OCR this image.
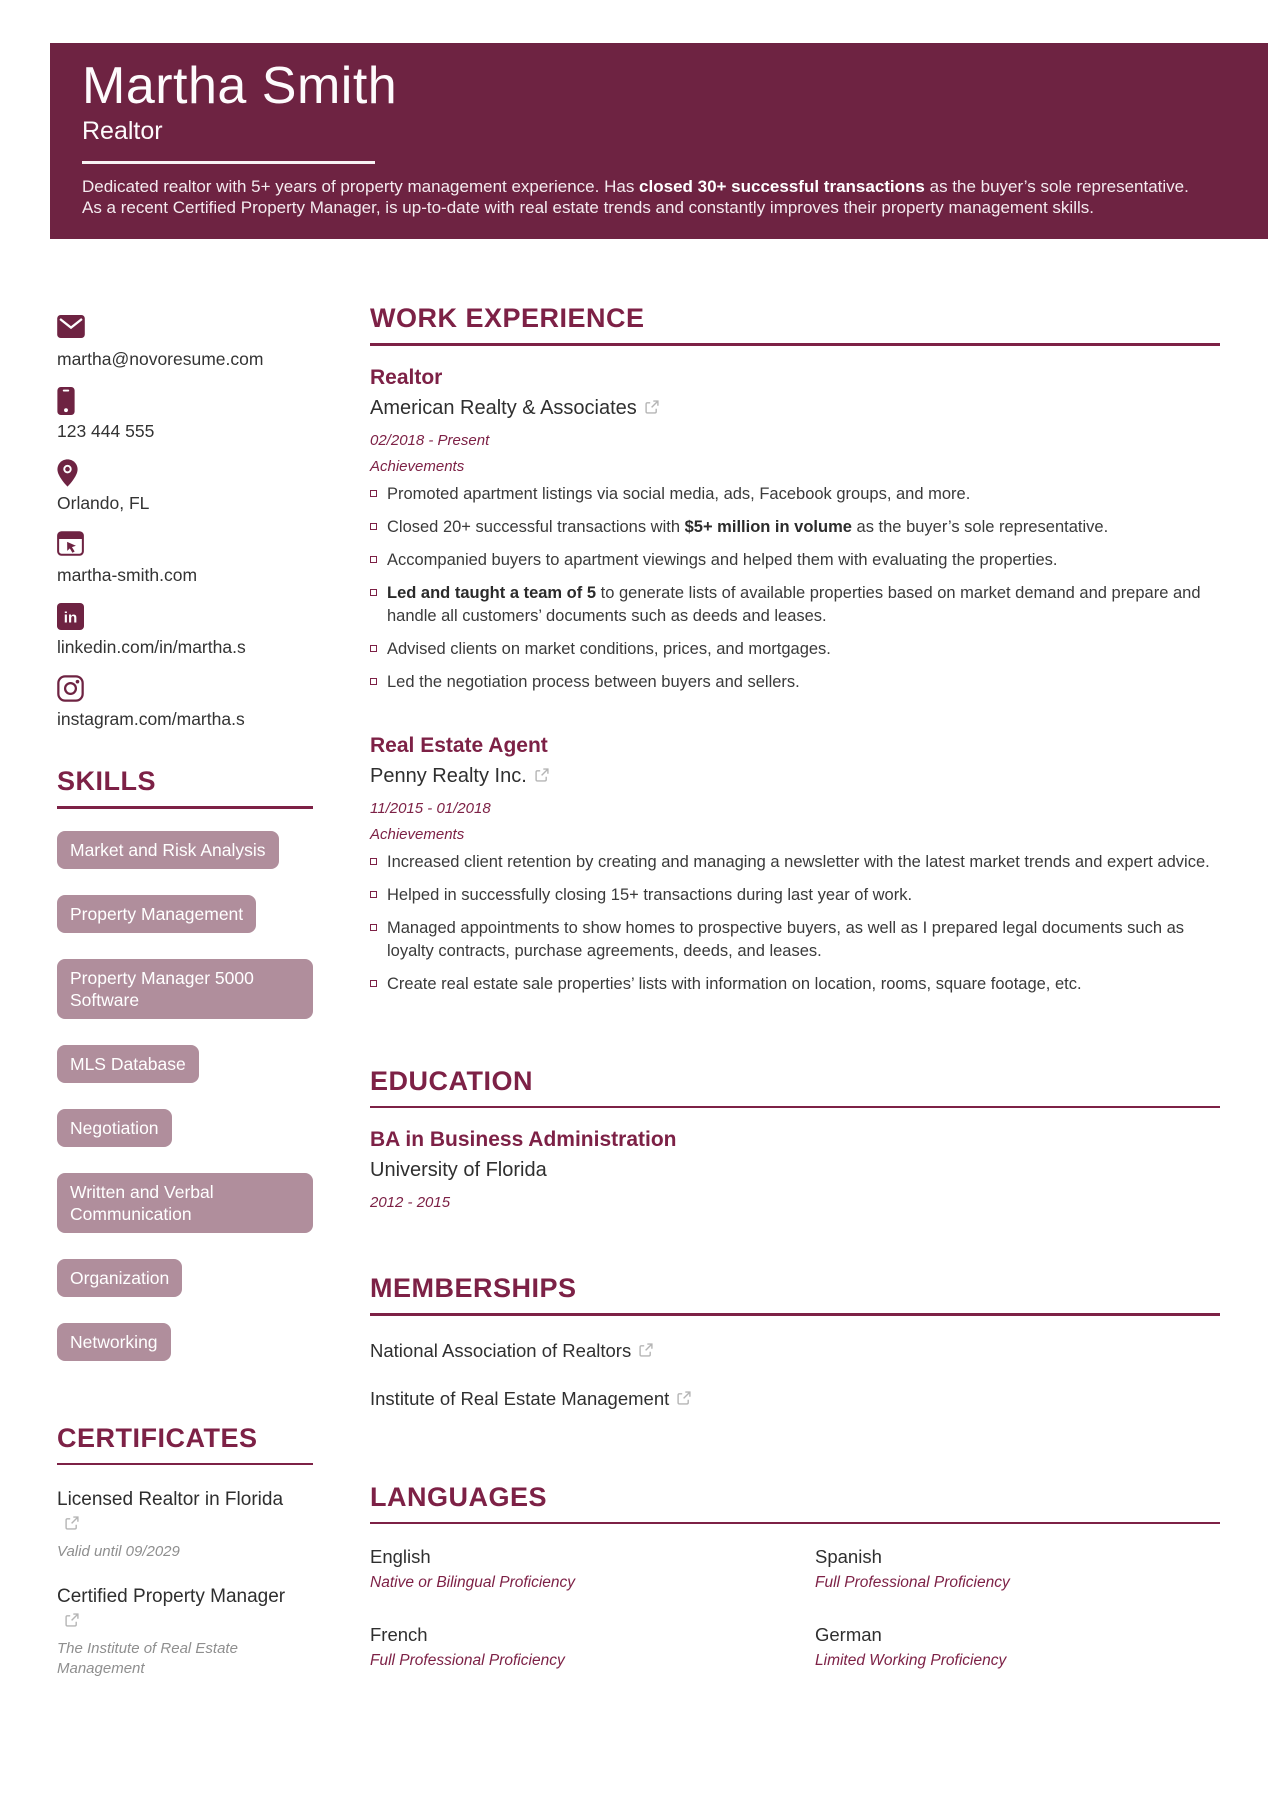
Martha Smith
Realtor
Dedicated realtor with 5+ years of property management experience. Has closed 30+ successful transactions as the buyer’s sole representative. As a recent Certified Property Manager, is up-to-date with real estate trends and constantly improves their property management skills.
martha@novoresume.com
123 444 555
Orlando, FL
martha-smith.com
in
linkedin.com/in/martha.s
instagram.com/martha.s
SKILLS
Market and Risk Analysis
Property Management
Property Manager 5000 Software
MLS Database
Negotiation
Written and Verbal Communication
Organization
Networking
CERTIFICATES
Licensed Realtor in Florida
Valid until 09/2029
Certified Property Manager
The Institute of Real Estate Management
WORK EXPERIENCE
Realtor
American Realty & Associates
02/2018 - Present
Achievements
Promoted apartment listings via social media, ads, Facebook groups, and more.
Closed 20+ successful transactions with $5+ million in volume as the buyer’s sole representative.
Accompanied buyers to apartment viewings and helped them with evaluating the properties.
Led and taught a team of 5 to generate lists of available properties based on market demand and prepare and handle all customers’ documents such as deeds and leases.
Advised clients on market conditions, prices, and mortgages.
Led the negotiation process between buyers and sellers.
Real Estate Agent
Penny Realty Inc.
11/2015 - 01/2018
Achievements
Increased client retention by creating and managing a newsletter with the latest market trends and expert advice.
Helped in successfully closing 15+ transactions during last year of work.
Managed appointments to show homes to prospective buyers, as well as I prepared legal documents such as loyalty contracts, purchase agreements, deeds, and leases.
Create real estate sale properties’ lists with information on location, rooms, square footage, etc.
EDUCATION
BA in Business Administration
University of Florida
2012 - 2015
MEMBERSHIPS
National Association of Realtors
Institute of Real Estate Management
LANGUAGES
English
Native or Bilingual Proficiency
Spanish
Full Professional Proficiency
French
Full Professional Proficiency
German
Limited Working Proficiency
